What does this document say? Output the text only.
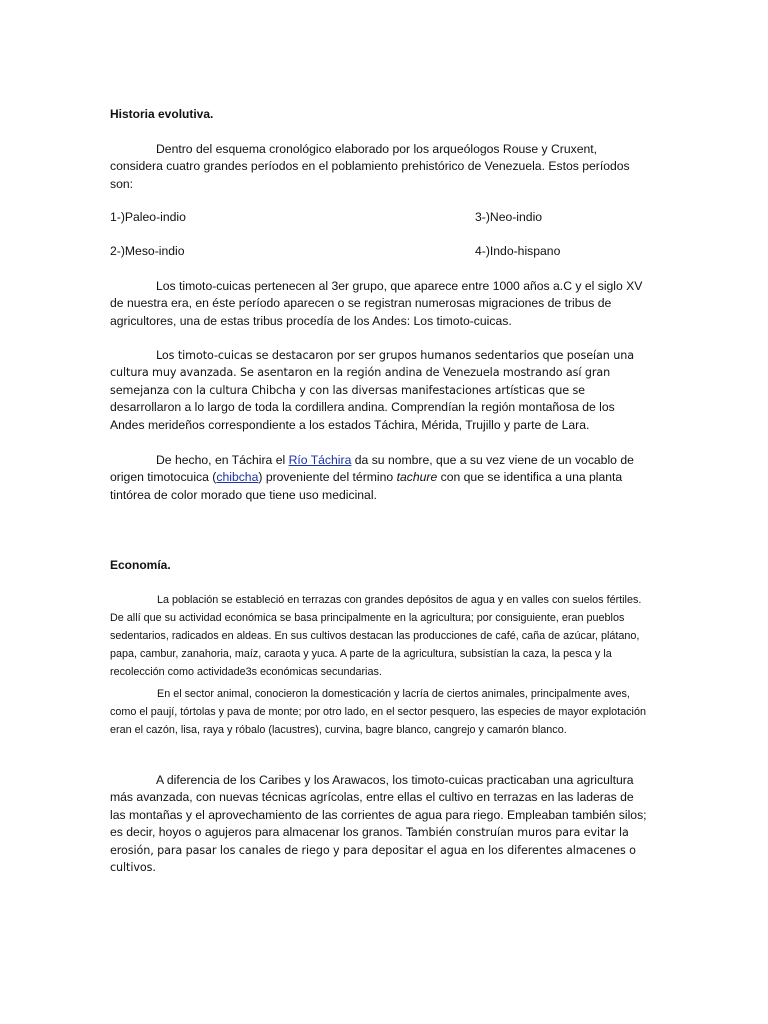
Historia evolutiva.
Dentro del esquema cronológico elaborado por los arqueólogos Rouse y Cruxent, considera cuatro grandes períodos en el poblamiento prehistórico de Venezuela. Estos períodos son:
1-)Paleo-indio	3-)Neo-indio
2-)Meso-indio	4-)Indo-hispano
Los timoto-cuicas pertenecen al 3er grupo, que aparece entre 1000 años a.C y el siglo XV de nuestra era, en éste período aparecen o se registran numerosas migraciones de tribus de agricultores, una de estas tribus procedía de los Andes: Los timoto-cuicas.
Los timoto-cuicas se destacaron por ser grupos humanos sedentarios que poseían una cultura muy avanzada. Se asentaron en la región andina de Venezuela mostrando así gran semejanza con la cultura Chibcha y con las diversas manifestaciones artísticas que se desarrollaron a lo largo de toda la cordillera andina. Comprendían la región montañosa de los Andes merideños correspondiente a los estados Táchira, Mérida, Trujillo y parte de Lara.
De hecho, en Táchira el Río Táchira da su nombre, que a su vez viene de un vocablo de origen timotocuica (chibcha) proveniente del término tachure con que se identifica a una planta tintórea de color morado que tiene uso medicinal.
Economía.
La población se estableció en terrazas con grandes depósitos de agua y en valles con suelos fértiles. De allí que su actividad económica se basa principalmente en la agricultura; por consiguiente, eran pueblos sedentarios, radicados en aldeas. En sus cultivos destacan las producciones de café, caña de azúcar, plátano, papa, cambur, zanahoria, maíz, caraota y yuca. A parte de la agricultura, subsistían la caza, la pesca y la recolección como actividade3s económicas secundarias.
En el sector animal, conocieron la domesticación y lacría de ciertos animales, principalmente aves, como el paují, tórtolas y pava de monte; por otro lado, en el sector pesquero, las especies de mayor explotación eran el cazón, lisa, raya y róbalo (lacustres), curvina, bagre blanco, cangrejo y camarón blanco.
A diferencia de los Caribes y los Arawacos, los timoto-cuicas practicaban una agricultura más avanzada, con nuevas técnicas agrícolas, entre ellas el cultivo en terrazas en las laderas de las montañas y el aprovechamiento de las corrientes de agua para riego. Empleaban también silos; es decir, hoyos o agujeros para almacenar los granos. También construían muros para evitar la erosión, para pasar los canales de riego y para depositar el agua en los diferentes almacenes o cultivos.
